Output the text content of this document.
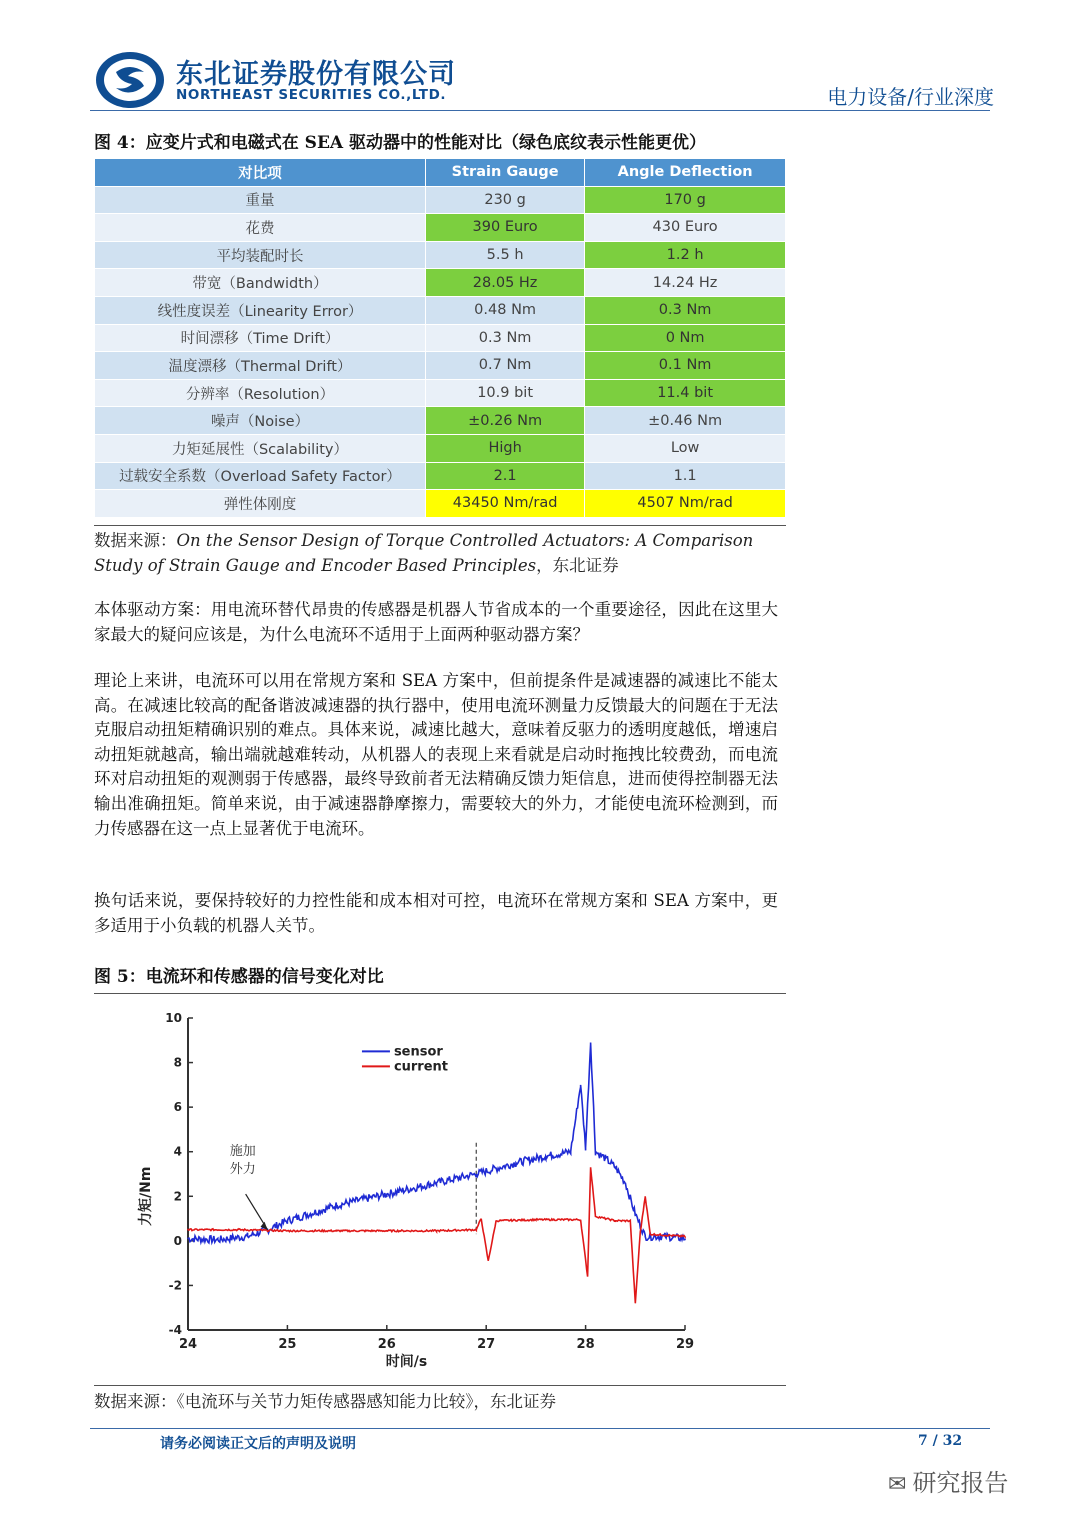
东北证券股份有限公司
NORTHEAST SECURITIES CO.,LTD.	电力设备/行业深度
图 4：应变片式和电磁式在 SEA 驱动器中的性能对比（绿色底纹表示性能更优）
对比项	Strain Gauge	Angle Deflection
重量	230 g	170 g
花费	390 Euro	430 Euro
平均装配时长	5.5 h	1.2 h
带宽（Bandwidth）	28.05 Hz	14.24 Hz
线性度误差（Linearity Error）	0.48 Nm	0.3 Nm
时间漂移（Time Drift）	0.3 Nm	0 Nm
温度漂移（Thermal Drift）	0.7 Nm	0.1 Nm
分辨率（Resolution）	10.9 bit	11.4 bit
噪声（Noise）	±0.26 Nm	±0.46 Nm
力矩延展性（Scalability）	High	Low
过载安全系数（Overload Safety Factor）	2.1	1.1
弹性体刚度	43450 Nm/rad	4507 Nm/rad
数据来源：On the Sensor Design of Torque Controlled Actuators: A Comparison Study of Strain Gauge and Encoder Based Principles，东北证券
本体驱动方案：用电流环替代昂贵的传感器是机器人节省成本的一个重要途径，因此在这里大家最大的疑问应该是，为什么电流环不适用于上面两种驱动器方案？
理论上来讲，电流环可以用在常规方案和 SEA 方案中，但前提条件是减速器的减速比不能太高。在减速比较高的配备谐波减速器的执行器中，使用电流环测量力反馈最大的问题在于无法克服启动扭矩精确识别的难点。具体来说，减速比越大，意味着反驱力的透明度越低，增速启动扭矩就越高，输出端就越难转动，从机器人的表现上来看就是启动时拖拽比较费劲，而电流环对启动扭矩的观测弱于传感器，最终导致前者无法精确反馈力矩信息，进而使得控制器无法输出准确扭矩。简单来说，由于减速器静摩擦力，需要较大的外力，才能使电流环检测到，而力传感器在这一点上显著优于电流环。
换句话来说，要保持较好的力控性能和成本相对可控，电流环在常规方案和 SEA 方案中，更多适用于小负载的机器人关节。
图 5：电流环和传感器的信号变化对比
24	25	26	27	28	29
-4
-2
0
2
4
6
8
10
时间/s
力矩/Nm
sensor
current
施加
外力
数据来源：《电流环与关节力矩传感器感知能力比较》，东北证券
请务必阅读正文后的声明及说明	7 / 32
✉ 研究报告
